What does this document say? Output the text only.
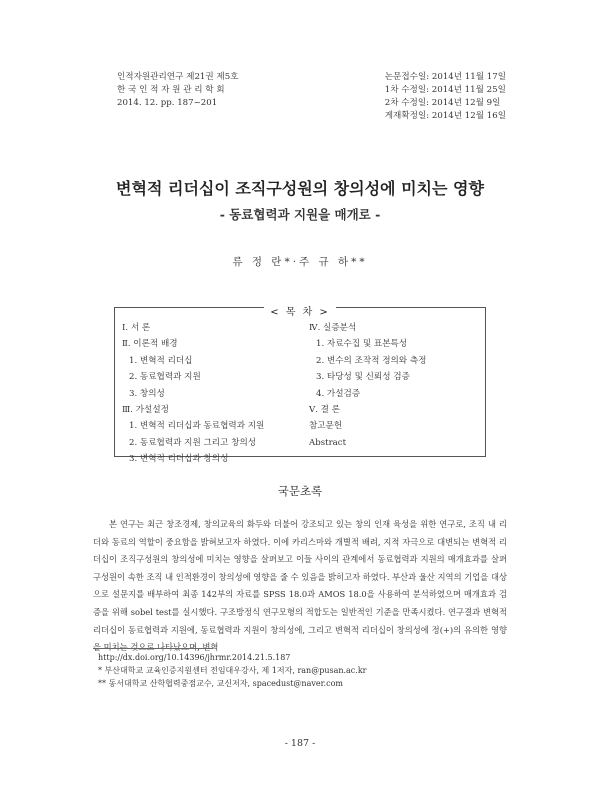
인적자원관리연구 제21권 제5호
한 국 인 적 자 원 관 리 학 회
2014. 12. pp. 187~201
논문접수일: 2014년 11월 17일
1차 수정일: 2014년 11월 25일
2차 수정일: 2014년 12월 9일
게재확정일: 2014년 12월 16일
변혁적 리더십이 조직구성원의 창의성에 미치는 영향
- 동료협력과 지원을 매개로 -
류 정 란*·주 규 하**
< 목 차 >
Ⅰ. 서 론
Ⅱ. 이론적 배경
1. 변혁적 리더십
2. 동료협력과 지원
3. 창의성
Ⅲ. 가설설정
1. 변혁적 리더십과 동료협력과 지원
2. 동료협력과 지원 그리고 창의성
3. 변혁적 리더십과 창의성
Ⅳ. 실증분석
1. 자료수집 및 표본특성
2. 변수의 조작적 정의와 측정
3. 타당성 및 신뢰성 검증
4. 가설검증
Ⅴ. 결 론
참고문헌
Abstract
국문초록
본 연구는 최근 창조경제, 창의교육의 화두와 더불어 강조되고 있는 창의 인재 육성을 위한 연구로, 조직 내 리더와 동료의 역할이 중요함을 밝혀보고자 하였다. 이에 카리스마와 개별적 배려, 지적 자극으로 대변되는 변혁적 리더십이 조직구성원의 창의성에 미치는 영향을 살펴보고 이들 사이의 관계에서 동료협력과 지원의 매개효과를 살펴 구성원이 속한 조직 내 인적환경이 창의성에 영향을 줄 수 있음을 밝히고자 하였다. 부산과 울산 지역의 기업을 대상으로 설문지를 배부하여 최종 142부의 자료를 SPSS 18.0과 AMOS 18.0을 사용하여 분석하였으며 매개효과 검증을 위해 sobel test를 실시했다. 구조방정식 연구모형의 적합도는 일반적인 기준을 만족시켰다. 연구결과 변혁적 리더십이 동료협력과 지원에, 동료협력과 지원이 창의성에, 그리고 변혁적 리더십이 창의성에 정(+)의 유의한 영향을 미치는 것으로 나타났으며, 변혁
http://dx.doi.org/10.14396/jhrmr.2014.21.5.187
* 부산대학교 교육인증지원센터 전임대우강사, 제 1저자, ran@pusan.ac.kr
** 동서대학교 산학협력중점교수, 교신저자, spacedust@naver.com
- 187 -
